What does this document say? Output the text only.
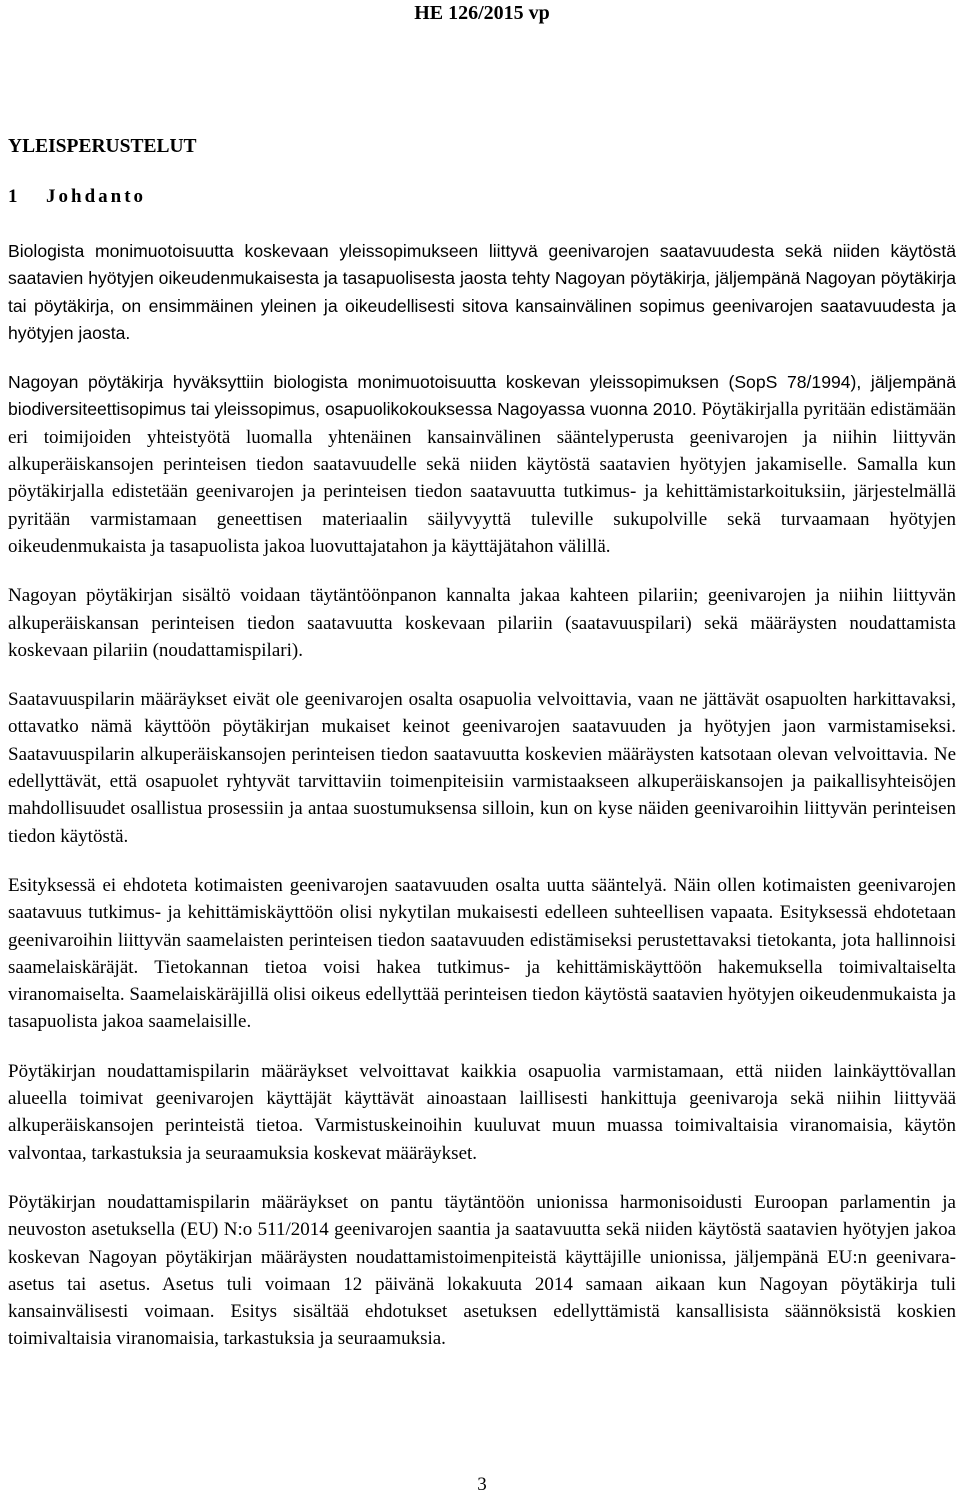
HE 126/2015 vp
YLEISPERUSTELUT
1 Johdanto

Biologista monimuotoisuutta koskevaan yleissopimukseen liittyvä geenivarojen saatavuudesta sekä niiden käytöstä saatavien hyötyjen oikeudenmukaisesta ja tasapuolisesta jaosta tehty Nagoyan pöytäkirja, jäljempänä Nagoyan pöytäkirja tai pöytäkirja, on ensimmäinen yleinen ja oikeudellisesti sitova kansainvälinen sopimus geenivarojen saatavuudesta ja hyötyjen jaosta.

Nagoyan pöytäkirja hyväksyttiin biologista monimuotoisuutta koskevan yleissopimuksen (SopS 78/1994), jäljempänä biodiversiteettisopimus tai yleissopimus, osapuolikokouksessa Nagoyassa vuonna 2010. Pöytäkirjalla pyritään edistämään eri toimijoiden yhteistyötä luomalla yhtenäinen kansainvälinen sääntelyperusta geenivarojen ja niihin liittyvän alkuperäiskansojen perinteisen tiedon saatavuudelle sekä niiden käytöstä saatavien hyötyjen jakamiselle. Samalla kun pöytäkirjalla edistetään geenivarojen ja perinteisen tiedon saatavuutta tutkimus- ja kehittämistarkoituksiin, järjestelmällä pyritään varmistamaan geneettisen materiaalin säilyvyyttä tuleville sukupolville sekä turvaamaan hyötyjen oikeudenmukaista ja tasapuolista jakoa luovuttajatahon ja käyttäjätahon välillä.

Nagoyan pöytäkirjan sisältö voidaan täytäntöönpanon kannalta jakaa kahteen pilariin; geenivarojen ja niihin liittyvän alkuperäiskansan perinteisen tiedon saatavuutta koskevaan pilariin (saatavuuspilari) sekä määräysten noudattamista koskevaan pilariin (noudattamispilari).

Saatavuuspilarin määräykset eivät ole geenivarojen osalta osapuolia velvoittavia, vaan ne jättävät osapuolten harkittavaksi, ottavatko nämä käyttöön pöytäkirjan mukaiset keinot geenivarojen saatavuuden ja hyötyjen jaon varmistamiseksi. Saatavuuspilarin alkuperäiskansojen perinteisen tiedon saatavuutta koskevien määräysten katsotaan olevan velvoittavia. Ne edellyttävät, että osapuolet ryhtyvät tarvittaviin toimenpiteisiin varmistaakseen alkuperäiskansojen ja paikallisyhteisöjen mahdollisuudet osallistua prosessiin ja antaa suostumuksensa silloin, kun on kyse näiden geenivaroihin liittyvän perinteisen tiedon käytöstä.

Esityksessä ei ehdoteta kotimaisten geenivarojen saatavuuden osalta uutta sääntelyä. Näin ollen kotimaisten geenivarojen saatavuus tutkimus- ja kehittämiskäyttöön olisi nykytilan mukaisesti edelleen suhteellisen vapaata. Esityksessä ehdotetaan geenivaroihin liittyvän saamelaisten perinteisen tiedon saatavuuden edistämiseksi perustettavaksi tietokanta, jota hallinnoisi saamelaiskäräjät. Tietokannan tietoa voisi hakea tutkimus- ja kehittämiskäyttöön hakemuksella toimivaltaiselta viranomaiselta. Saamelaiskäräjillä olisi oikeus edellyttää perinteisen tiedon käytöstä saatavien hyötyjen oikeudenmukaista ja tasapuolista jakoa saamelaisille.

Pöytäkirjan noudattamispilarin määräykset velvoittavat kaikkia osapuolia varmistamaan, että niiden lainkäyttövallan alueella toimivat geenivarojen käyttäjät käyttävät ainoastaan laillisesti hankittuja geenivaroja sekä niihin liittyvää alkuperäiskansojen perinteistä tietoa. Varmistuskeinoihin kuuluvat muun muassa toimivaltaisia viranomaisia, käytön valvontaa, tarkastuksia ja seuraamuksia koskevat määräykset.

Pöytäkirjan noudattamispilarin määräykset on pantu täytäntöön unionissa harmonisoidusti Euroopan parlamentin ja neuvoston asetuksella (EU) N:o 511/2014 geenivarojen saantia ja saatavuutta sekä niiden käytöstä saatavien hyötyjen jakoa koskevan Nagoyan pöytäkirjan määräysten noudattamistoimenpiteistä käyttäjille unionissa, jäljempänä EU:n geenivara-asetus tai asetus. Asetus tuli voimaan 12 päivänä lokakuuta 2014 samaan aikaan kun Nagoyan pöytäkirja tuli kansainvälisesti voimaan. Esitys sisältää ehdotukset asetuksen edellyttämistä kansallisista säännöksistä koskien toimivaltaisia viranomaisia, tarkastuksia ja seuraamuksia.

3
